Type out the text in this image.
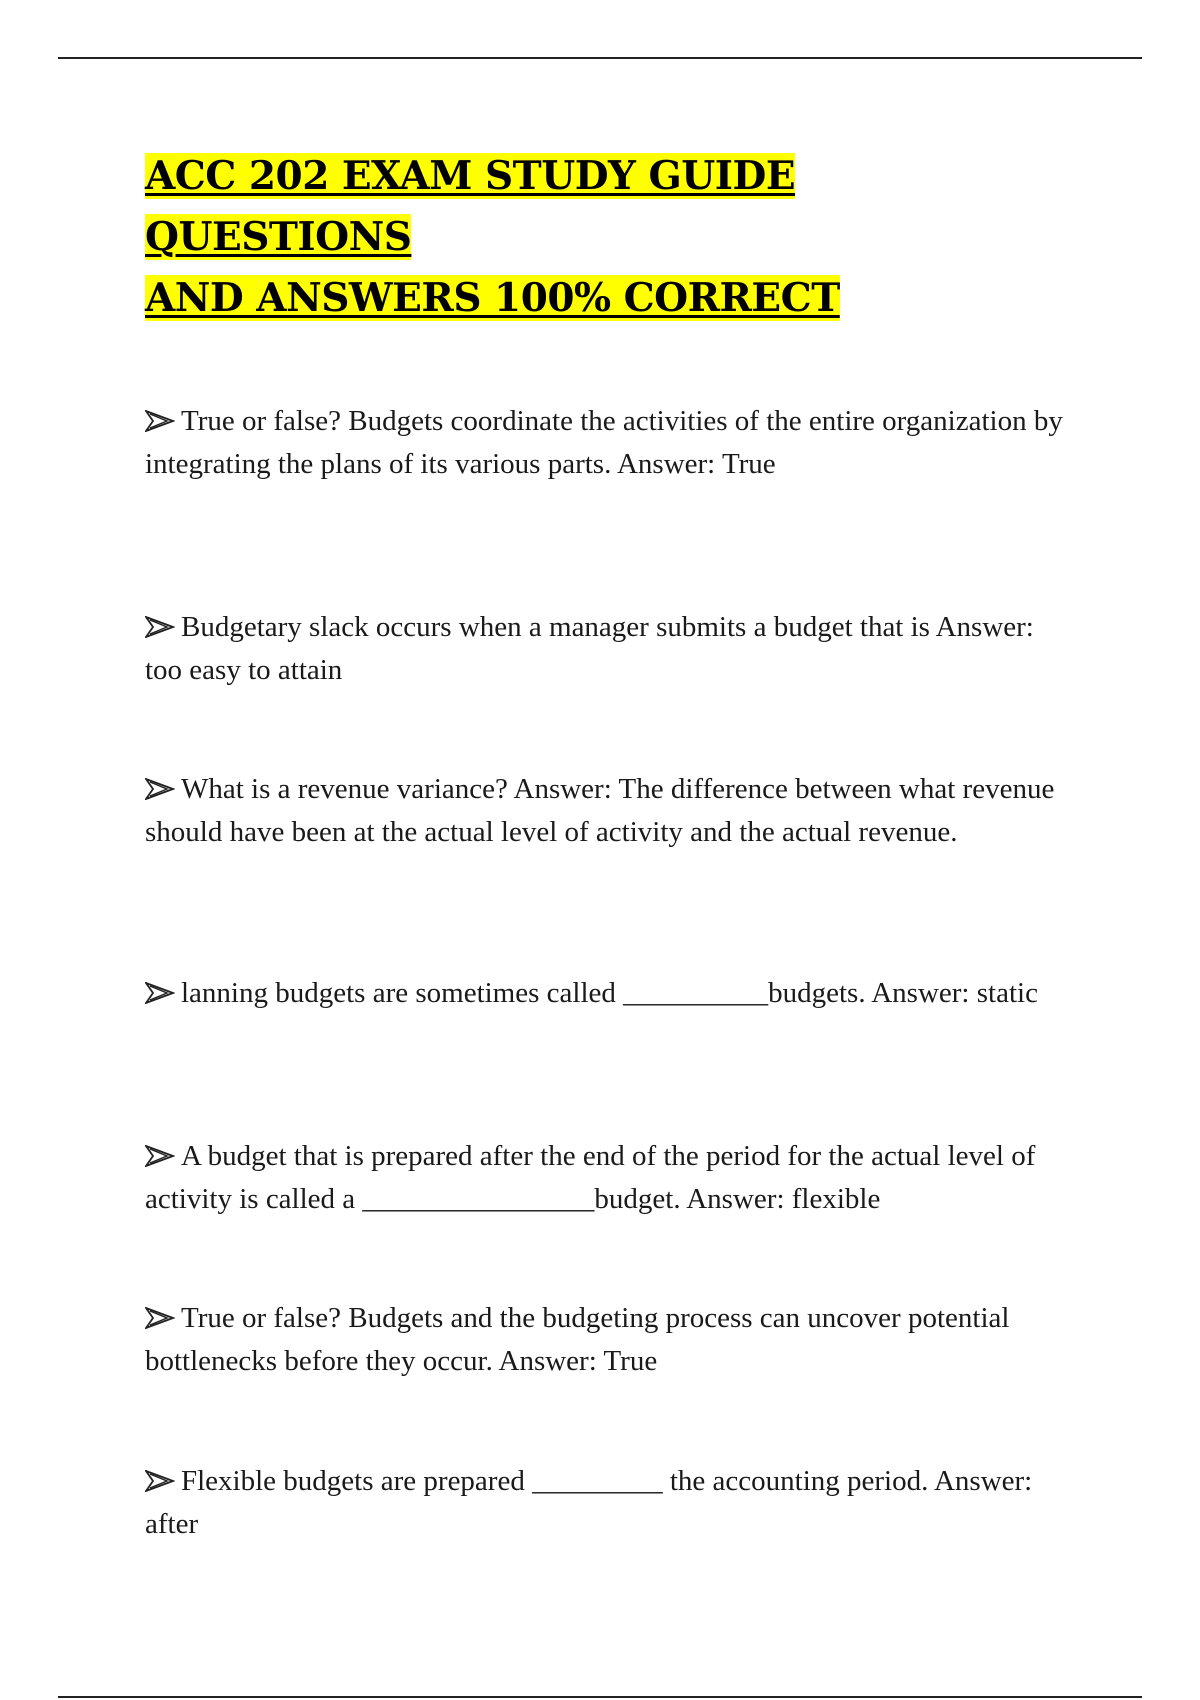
ACC 202 EXAM STUDY GUIDE QUESTIONS
AND ANSWERS 100% CORRECT

True or false? Budgets coordinate the activities of the entire organization by integrating the plans of its various parts. Answer: True

Budgetary slack occurs when a manager submits a budget that is Answer: too easy to attain

What is a revenue variance? Answer: The difference between what revenue should have been at the actual level of activity and the actual revenue.

lanning budgets are sometimes called __________budgets. Answer: static

A budget that is prepared after the end of the period for the actual level of activity is called a ________________budget. Answer: flexible

True or false? Budgets and the budgeting process can uncover potential bottlenecks before they occur. Answer: True

Flexible budgets are prepared _________ the accounting period. Answer: after
